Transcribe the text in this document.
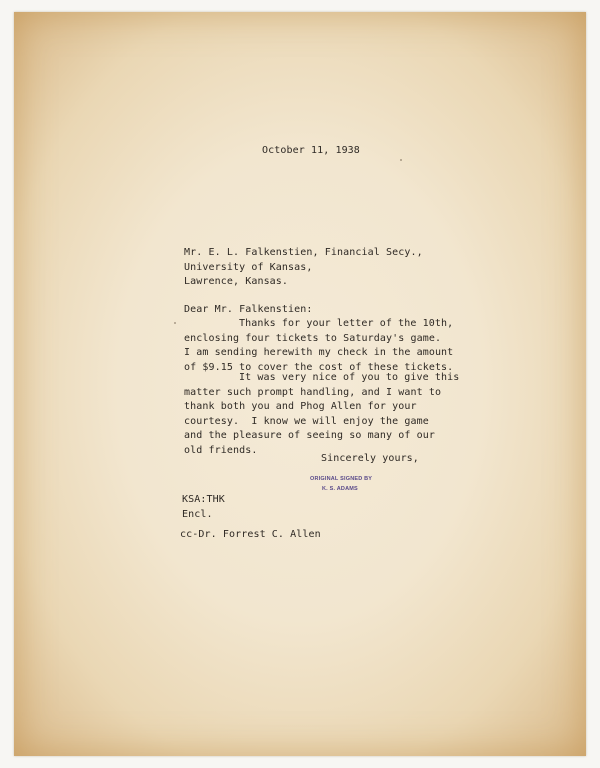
October 11, 1938
Mr. E. L. Falkenstien, Financial Secy.,
University of Kansas,
Lawrence, Kansas.
Dear Mr. Falkenstien:
Thanks for your letter of the 10th,
enclosing four tickets to Saturday's game.
I am sending herewith my check in the amount
of $9.15 to cover the cost of these tickets.
It was very nice of you to give this
matter such prompt handling, and I want to
thank both you and Phog Allen for your
courtesy.  I know we will enjoy the game
and the pleasure of seeing so many of our
old friends.
Sincerely yours,
ORIGINAL SIGNED BY
K. S. ADAMS
KSA:THK
Encl.
cc-Dr. Forrest C. Allen
